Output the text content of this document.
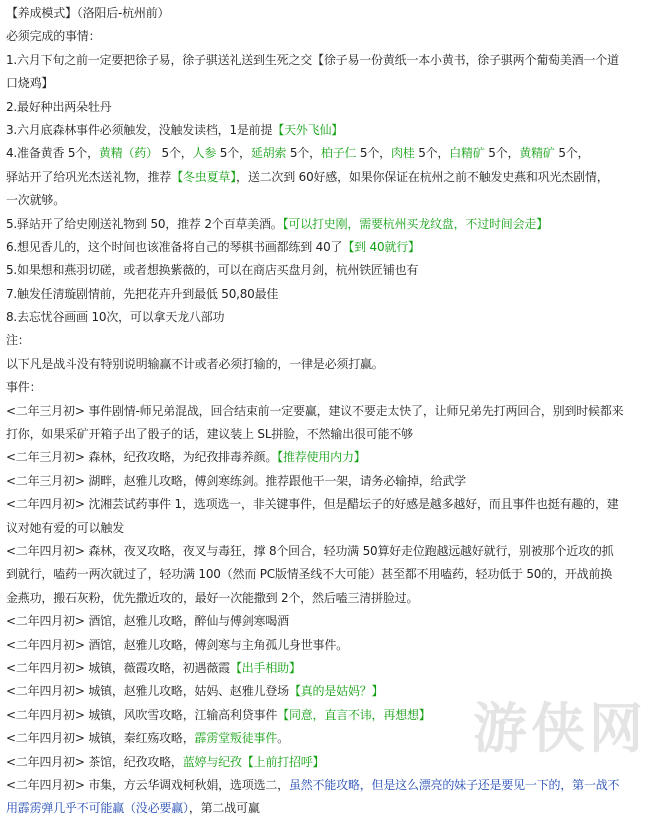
【养成模式】（洛阳后-杭州前）
必须完成的事情：
1.六月下旬之前一定要把徐子易，徐子骐送礼送到生死之交【徐子易一份黄纸一本小黄书，徐子骐两个葡萄美酒一个道
口烧鸡】
2.最好种出两朵牡丹
3.六月底森林事件必须触发，没触发读档，1是前提【天外飞仙】
4.准备黄香 5个，黄精（药） 5个，人参 5个，延胡索 5个，柏子仁 5个，肉桂 5个，白精矿 5个，黄精矿 5个，
驿站开了给巩光杰送礼物，推荐【冬虫夏草】，送二次到 60好感，如果你保证在杭州之前不触发史燕和巩光杰剧情，
一次就够。
5.驿站开了给史刚送礼物到 50，推荐 2个百草美酒。【可以打史刚，需要杭州买龙纹盘，不过时间会走】
6.想见香儿的，这个时间也该准备将自己的琴棋书画都练到 40了【到 40就行】
5.如果想和燕羽切磋，或者想换紫薇的，可以在商店买盘月剑，杭州铁匠铺也有
7.触发任清璇剧情前，先把花卉升到最低 50,80最佳
8.去忘忧谷画画 10次，可以拿天龙八部功
注：
以下凡是战斗没有特别说明输赢不计或者必须打输的，一律是必须打赢。
事件：
<二年三月初> 事件剧情-师兄弟混战，回合结束前一定要赢，建议不要走太快了，让师兄弟先打两回合，别到时候都来
打你，如果采矿开箱子出了骰子的话，建议装上 SL拼脸，不然输出很可能不够
<二年三月初> 森林，纪孜攻略，为纪孜排毒养颜。【推荐使用内力】
<二年三月初> 湖畔，赵雅儿攻略，傅剑寒练剑。推荐跟他干一架，请务必输掉，给武学
<二年四月初> 沈湘芸试药事件 1，选项选一，非关键事件，但是醋坛子的好感是越多越好，而且事件也挺有趣的，建
议对她有爱的可以触发
<二年四月初> 森林，夜叉攻略，夜叉与毒狂，撑 8个回合，轻功满 50算好走位跑越远越好就行，别被那个近攻的抓
到就行，嗑药一两次就过了，轻功满 100（然而 PC版情圣线不大可能）甚至都不用嗑药，轻功低于 50的，开战前换
金燕功，搬石灰粉，优先撒近攻的，最好一次能撒到 2个，然后嗑三清拼脸过。
<二年四月初> 酒馆，赵雅儿攻略，醉仙与傅剑寒喝酒
<二年四月初> 酒馆，赵雅儿攻略，傅剑寒与主角孤儿身世事件。
<二年四月初> 城镇，薇霞攻略，初遇薇霞【出手相助】
<二年四月初> 城镇，赵雅儿攻略，姑妈、赵雅儿登场【真的是姑妈？】
<二年四月初> 城镇，风吹雪攻略，江输高利贷事件【同意，直言不讳，再想想】
<二年四月初> 城镇，秦红殇攻略，霹雳堂叛徒事件。
<二年四月初> 茶馆，纪孜攻略，蓝婷与纪孜【上前打招呼】
<二年四月初> 市集，方云华调戏柯秋娟，选项选二，虽然不能攻略，但是这么漂亮的妹子还是要见一下的，第一战不
用霹雳弹几乎不可能赢（没必要赢），第二战可赢
游侠网
